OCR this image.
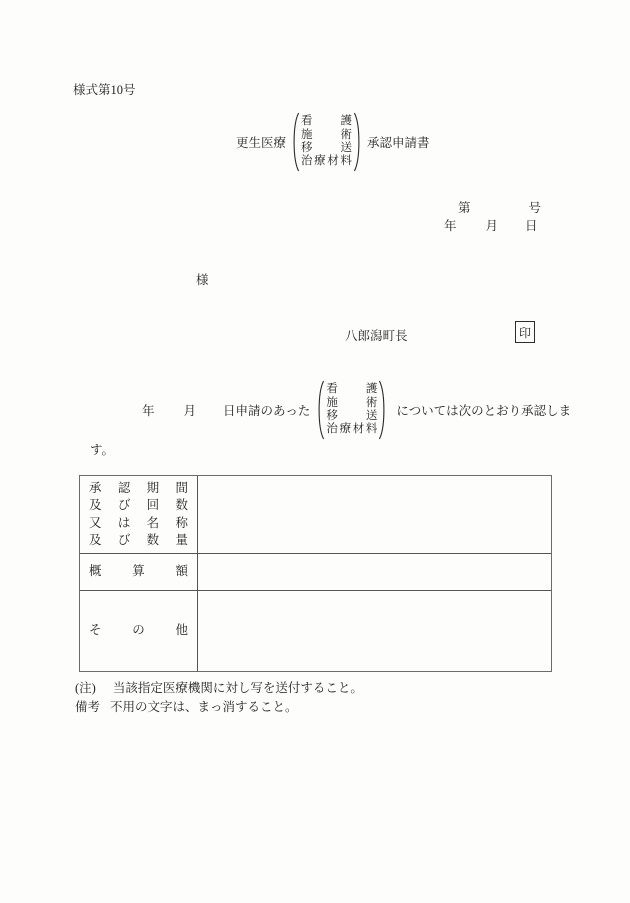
様式第10号
更生医療
看 護
施 術
移 送
治療材料
承認申請書
第	号
年 月 日
様
八郎潟町長	印
年 月 日申請のあった
看 護
施 術
移 送
治療材料
については次のとおり承認しま
す。
承 認 期 間
及 び 回 数
又 は 名 称
及 び 数 量
概 算 額
そ の 他
(注) 当該指定医療機関に対し写を送付すること。
備考 不用の文字は、まっ消すること。
